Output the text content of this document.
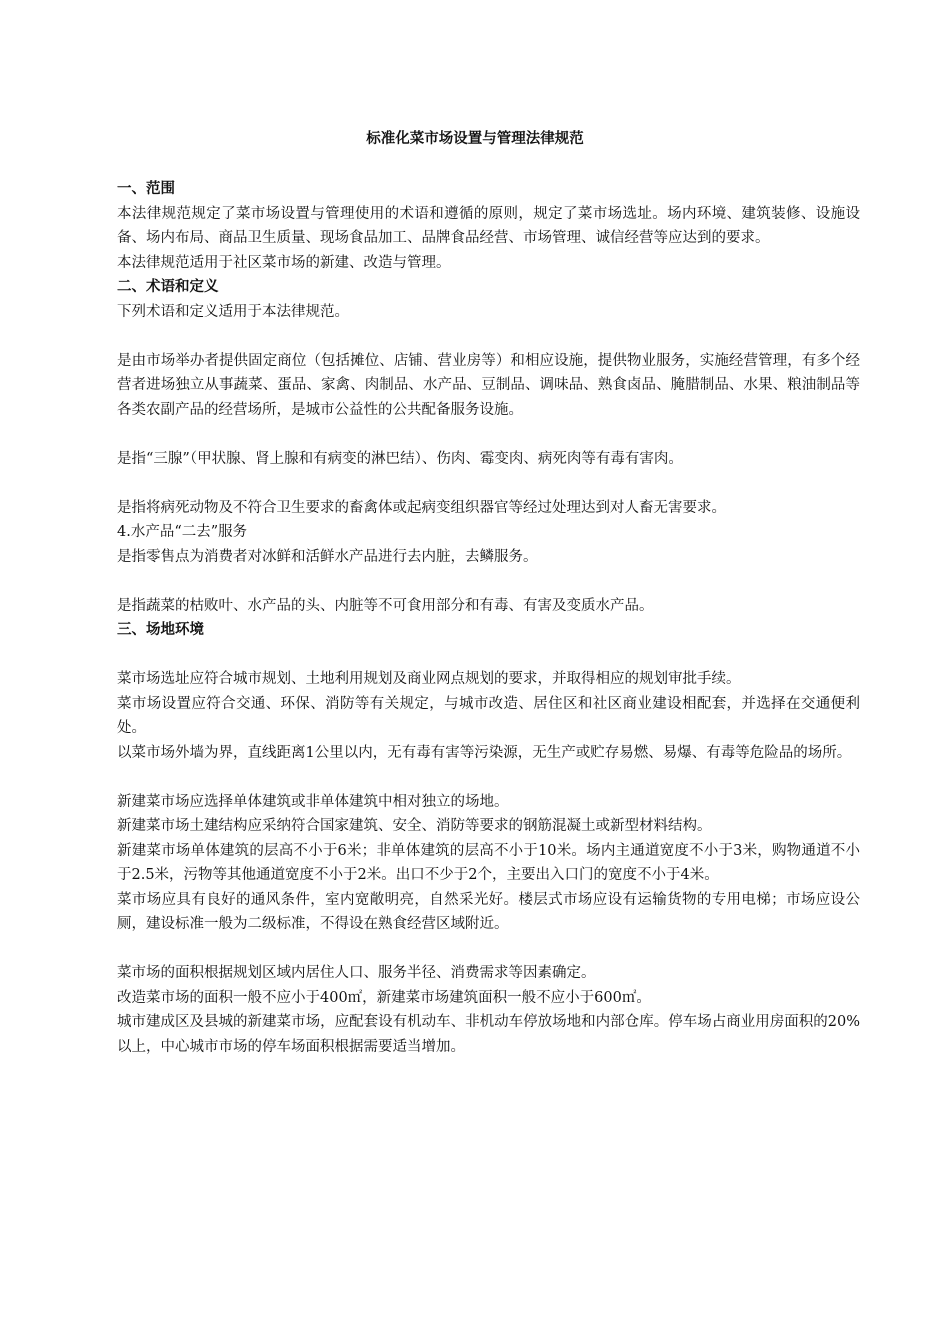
标准化菜市场设置与管理法律规范

一、范围

本法律规范规定了菜市场设置与管理使用的术语和遵循的原则，规定了菜市场选址。场内环境、建筑装修、设施设备、场内布局、商品卫生质量、现场食品加工、品牌食品经营、市场管理、诚信经营等应达到的要求。

本法律规范适用于社区菜市场的新建、改造与管理。

二、术语和定义

下列术语和定义适用于本法律规范。

是由市场举办者提供固定商位（包括摊位、店铺、营业房等）和相应设施，提供物业服务，实施经营管理，有多个经营者进场独立从事蔬菜、蛋品、家禽、肉制品、水产品、豆制品、调味品、熟食卤品、腌腊制品、水果、粮油制品等各类农副产品的经营场所，是城市公益性的公共配备服务设施。

是指“三腺”（甲状腺、肾上腺和有病变的淋巴结）、伤肉、霉变肉、病死肉等有毒有害肉。

是指将病死动物及不符合卫生要求的畜禽体或起病变组织器官等经过处理达到对人畜无害要求。

4.水产品“二去”服务

是指零售点为消费者对冰鲜和活鲜水产品进行去内脏，去鳞服务。

是指蔬菜的枯败叶、水产品的头、内脏等不可食用部分和有毒、有害及变质水产品。

三、场地环境

菜市场选址应符合城市规划、土地利用规划及商业网点规划的要求，并取得相应的规划审批手续。

菜市场设置应符合交通、环保、消防等有关规定，与城市改造、居住区和社区商业建设相配套，并选择在交通便利处。

以菜市场外墙为界，直线距离1公里以内，无有毒有害等污染源，无生产或贮存易燃、易爆、有毒等危险品的场所。

新建菜市场应选择单体建筑或非单体建筑中相对独立的场地。

新建菜市场土建结构应采纳符合国家建筑、安全、消防等要求的钢筋混凝土或新型材料结构。

新建菜市场单体建筑的层高不小于6米；非单体建筑的层高不小于10米。场内主通道宽度不小于3米，购物通道不小于2.5米，污物等其他通道宽度不小于2米。出口不少于2个，主要出入口门的宽度不小于4米。

菜市场应具有良好的通风条件，室内宽敞明亮，自然采光好。楼层式市场应设有运输货物的专用电梯；市场应设公厕，建设标准一般为二级标准，不得设在熟食经营区域附近。

菜市场的面积根据规划区域内居住人口、服务半径、消费需求等因素确定。

改造菜市场的面积一般不应小于400㎡，新建菜市场建筑面积一般不应小于600㎡。

城市建成区及县城的新建菜市场，应配套设有机动车、非机动车停放场地和内部仓库。停车场占商业用房面积的20%以上，中心城市市场的停车场面积根据需要适当增加。
